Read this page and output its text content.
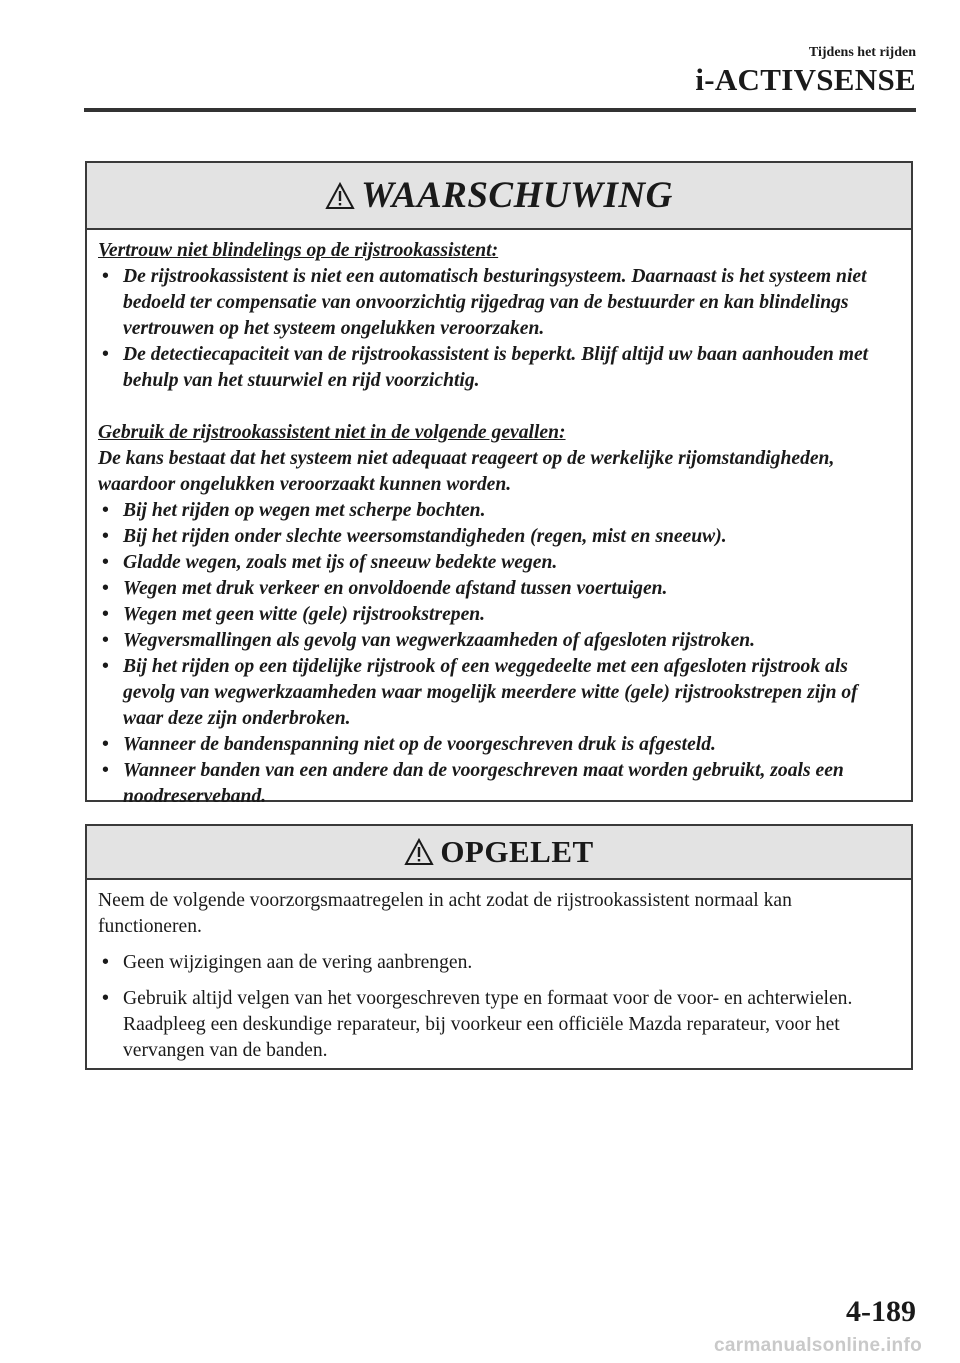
Tijdens het rijden
i-ACTIVSENSE
WAARSCHUWING
Vertrouw niet blindelings op de rijstrookassistent:
• De rijstrookassistent is niet een automatisch besturingsysteem. Daarnaast is het systeem niet bedoeld ter compensatie van onvoorzichtig rijgedrag van de bestuurder en kan blindelings vertrouwen op het systeem ongelukken veroorzaken.
• De detectiecapaciteit van de rijstrookassistent is beperkt. Blijf altijd uw baan aanhouden met behulp van het stuurwiel en rijd voorzichtig.
Gebruik de rijstrookassistent niet in de volgende gevallen:
De kans bestaat dat het systeem niet adequaat reageert op de werkelijke rijomstandigheden, waardoor ongelukken veroorzaakt kunnen worden.
• Bij het rijden op wegen met scherpe bochten.
• Bij het rijden onder slechte weersomstandigheden (regen, mist en sneeuw).
• Gladde wegen, zoals met ijs of sneeuw bedekte wegen.
• Wegen met druk verkeer en onvoldoende afstand tussen voertuigen.
• Wegen met geen witte (gele) rijstrookstrepen.
• Wegversmallingen als gevolg van wegwerkzaamheden of afgesloten rijstroken.
• Bij het rijden op een tijdelijke rijstrook of een weggedeelte met een afgesloten rijstrook als gevolg van wegwerkzaamheden waar mogelijk meerdere witte (gele) rijstrookstrepen zijn of waar deze zijn onderbroken.
• Wanneer de bandenspanning niet op de voorgeschreven druk is afgesteld.
• Wanneer banden van een andere dan de voorgeschreven maat worden gebruikt, zoals een noodreserveband.
OPGELET
Neem de volgende voorzorgsmaatregelen in acht zodat de rijstrookassistent normaal kan functioneren.
• Geen wijzigingen aan de vering aanbrengen.
• Gebruik altijd velgen van het voorgeschreven type en formaat voor de voor- en achterwielen. Raadpleeg een deskundige reparateur, bij voorkeur een officiële Mazda reparateur, voor het vervangen van de banden.
4-189
carmanualsonline.info
